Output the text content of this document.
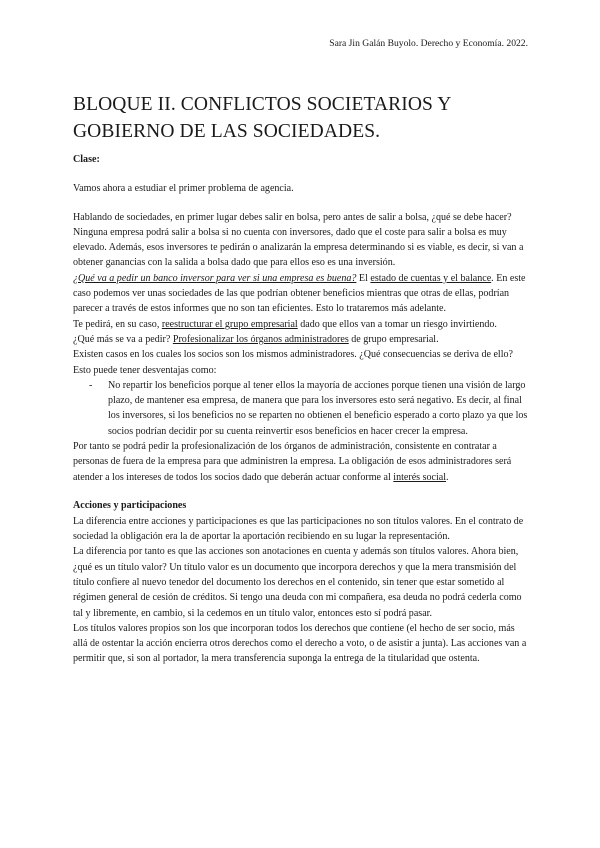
Sara Jin Galán Buyolo. Derecho y Economía. 2022.
BLOQUE II. CONFLICTOS SOCIETARIOS Y
GOBIERNO DE LAS SOCIEDADES.

Clase:

Vamos ahora a estudiar el primer problema de agencia.

Hablando de sociedades, en primer lugar debes salir en bolsa, pero antes de salir a bolsa, ¿qué se debe hacer? Ninguna empresa podrá salir a bolsa si no cuenta con inversores, dado que el coste para salir a bolsa es muy elevado. Además, esos inversores te pedirán o analizarán la empresa determinando si es viable, es decir, si van a obtener ganancias con la salida a bolsa dado que para ellos eso es una inversión.

¿Qué va a pedir un banco inversor para ver si una empresa es buena? El estado de cuentas y el balance. En este caso podemos ver unas sociedades de las que podrían obtener beneficios mientras que otras de ellas, podrían parecer a través de estos informes que no son tan eficientes. Esto lo trataremos más adelante.

Te pedirá, en su caso, reestructurar el grupo empresarial dado que ellos van a tomar un riesgo invirtiendo.

¿Qué más se va a pedir? Profesionalizar los órganos administradores de grupo empresarial.

Existen casos en los cuales los socios son los mismos administradores. ¿Qué consecuencias se deriva de ello? Esto puede tener desventajas como:

- No repartir los beneficios porque al tener ellos la mayoría de acciones porque tienen una visión de largo plazo, de mantener esa empresa, de manera que para los inversores esto será negativo. Es decir, al final los inversores, si los beneficios no se reparten no obtienen el beneficio esperado a corto plazo ya que los socios podrían decidir por su cuenta reinvertir esos beneficios en hacer crecer la empresa.

Por tanto se podrá pedir la profesionalización de los órganos de administración, consistente en contratar a personas de fuera de la empresa para que administren la empresa. La obligación de esos administradores será atender a los intereses de todos los socios dado que deberán actuar conforme al interés social.

Acciones y participaciones

La diferencia entre acciones y participaciones es que las participaciones no son títulos valores. En el contrato de sociedad la obligación era la de aportar la aportación recibiendo en su lugar la representación.

La diferencia por tanto es que las acciones son anotaciones en cuenta y además son títulos valores. Ahora bien, ¿qué es un título valor? Un título valor es un documento que incorpora derechos y que la mera transmisión del título confiere al nuevo tenedor del documento los derechos en el contenido, sin tener que estar sometido al régimen general de cesión de créditos. Si tengo una deuda con mi compañera, esa deuda no podrá cederla como tal y libremente, en cambio, si la cedemos en un título valor, entonces esto sí podrá pasar.

Los títulos valores propios son los que incorporan todos los derechos que contiene (el hecho de ser socio, más allá de ostentar la acción encierra otros derechos como el derecho a voto, o de asistir a junta). Las acciones van a permitir que, si son al portador, la mera transferencia suponga la entrega de la titularidad que ostenta.
